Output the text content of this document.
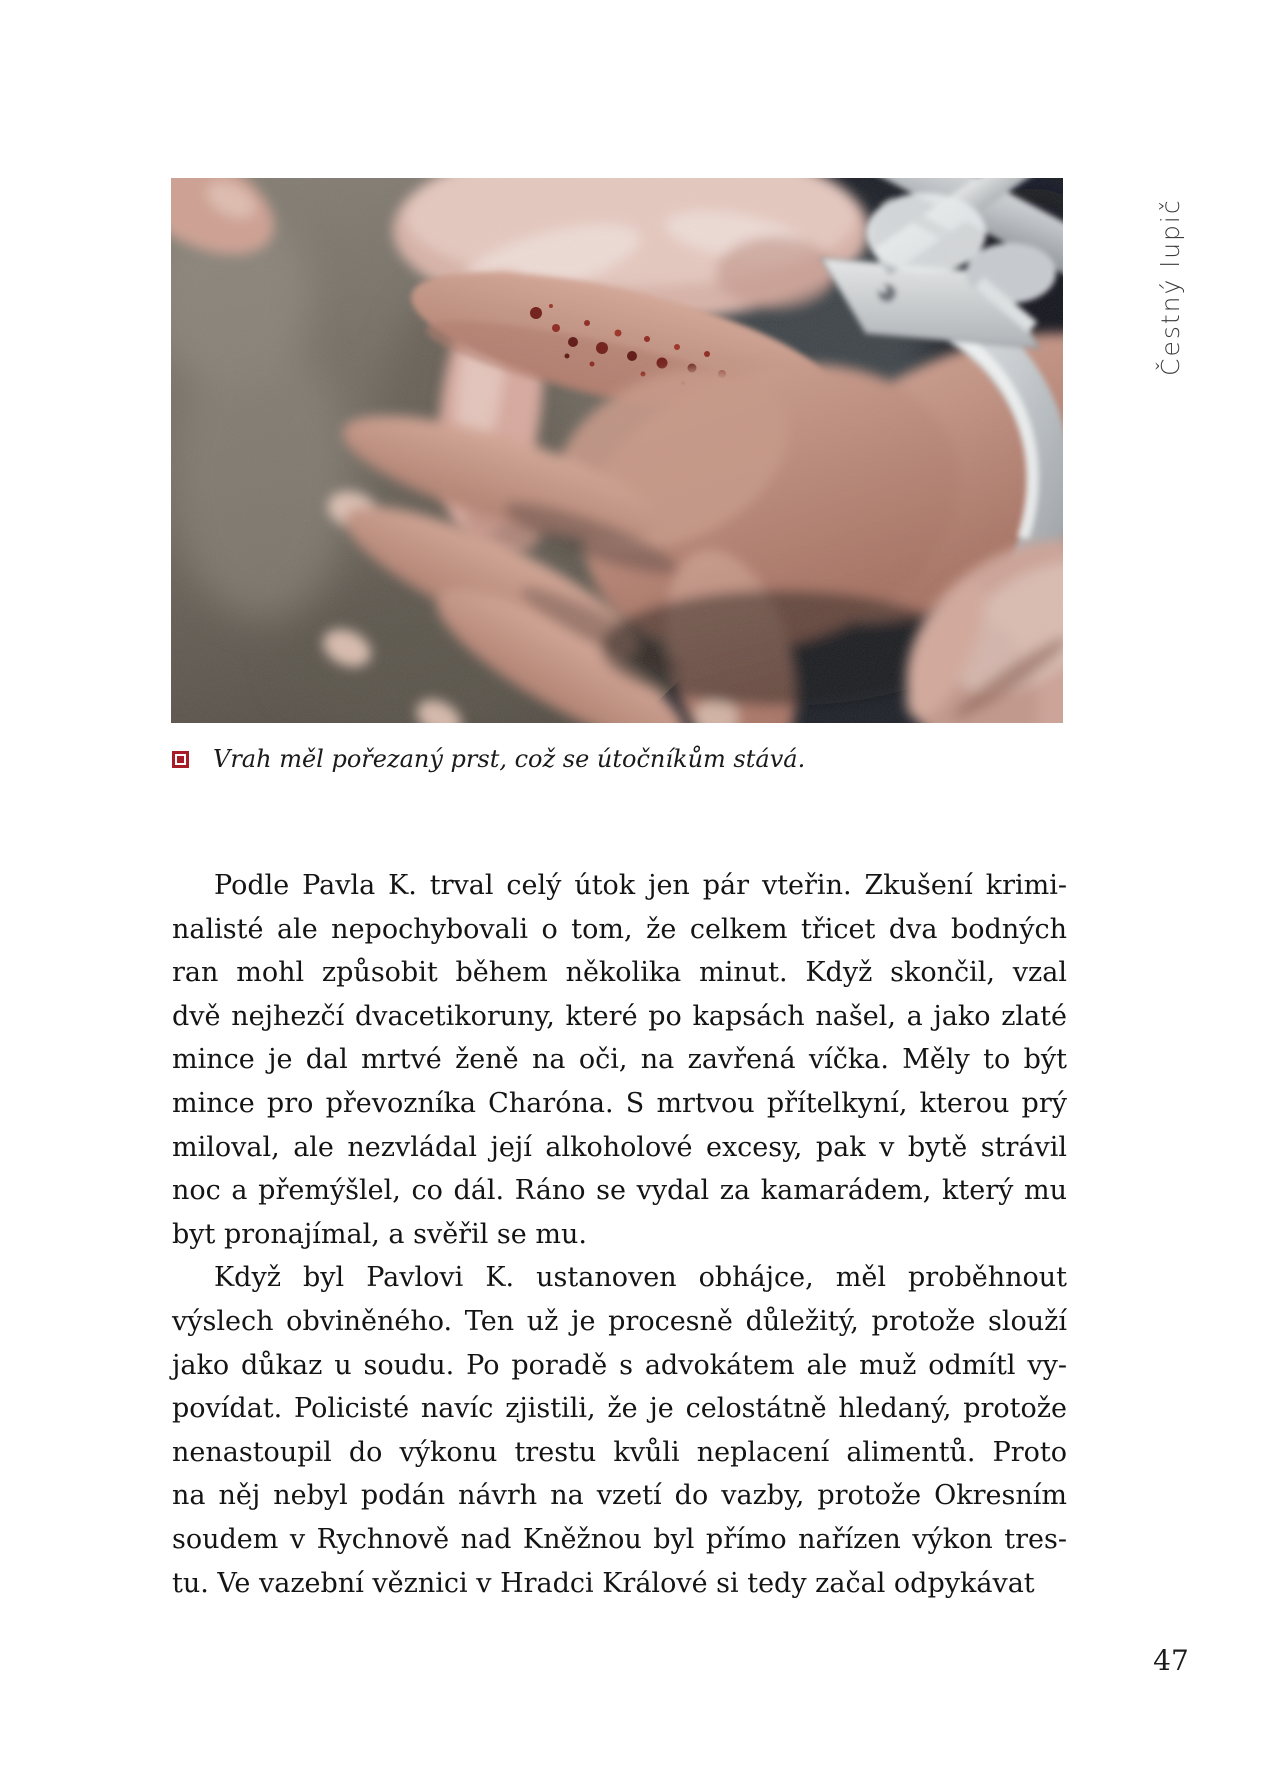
Vrah měl pořezaný prst, což se útočníkům stává.
Čestný lupič
Podle Pavla K. trval celý útok jen pár vteřin. Zkušení krimi-
nalisté ale nepochybovali o tom, že celkem třicet dva bodných
ran mohl způsobit během několika minut. Když skončil, vzal
dvě nejhezčí dvacetikoruny, které po kapsách našel, a jako zlaté
mince je dal mrtvé ženě na oči, na zavřená víčka. Měly to být
mince pro převozníka Charóna. S mrtvou přítelkyní, kterou prý
miloval, ale nezvládal její alkoholové excesy, pak v bytě strávil
noc a přemýšlel, co dál. Ráno se vydal za kamarádem, který mu
byt pronajímal, a svěřil se mu.
Když byl Pavlovi K. ustanoven obhájce, měl proběhnout
výslech obviněného. Ten už je procesně důležitý, protože slouží
jako důkaz u soudu. Po poradě s advokátem ale muž odmítl vy-
povídat. Policisté navíc zjistili, že je celostátně hledaný, protože
nenastoupil do výkonu trestu kvůli neplacení alimentů. Proto
na něj nebyl podán návrh na vzetí do vazby, protože Okresním
soudem v Rychnově nad Kněžnou byl přímo nařízen výkon tres-
tu. Ve vazební věznici v Hradci Králové si tedy začal odpykávat
47
